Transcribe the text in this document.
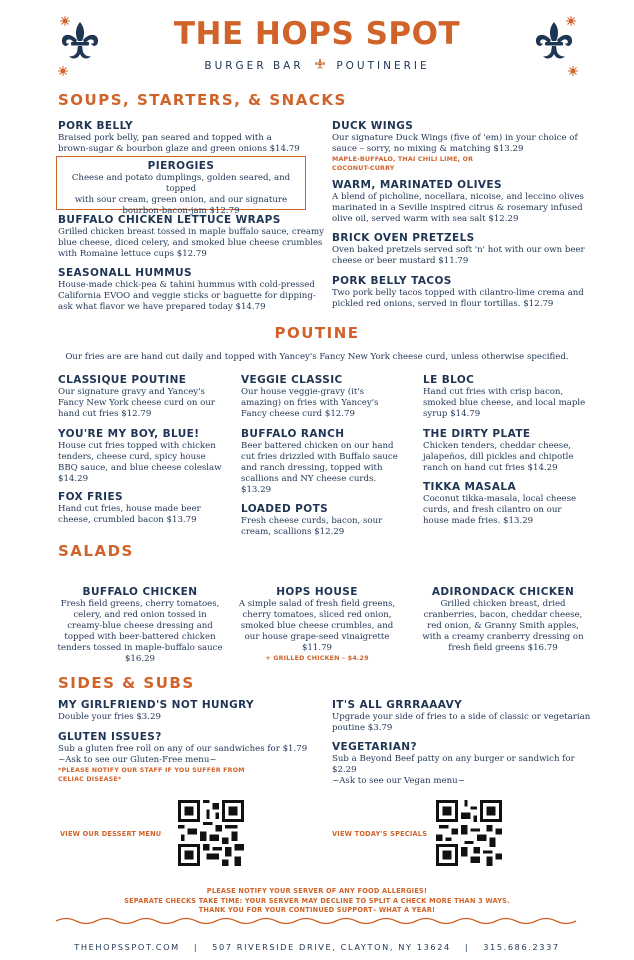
THE HOPS SPOT
BURGER BAR	POUTINERIE
SOUPS, STARTERS, & SNACKS
PORK BELLY
Braised pork belly, pan seared and topped with a
brown-sugar & bourbon glaze and green onions $14.79
PIEROGIES
Cheese and potato dumplings, golden seared, and topped
with sour cream, green onion, and our signature
bourbon-bacon-jam $12.79
BUFFALO CHICKEN LETTUCE WRAPS
Grilled chicken breast tossed in maple buffalo sauce, creamy
blue cheese, diced celery, and smoked blue cheese crumbles
with Romaine lettuce cups $12.79
SEASONALL HUMMUS
House-made chick-pea & tahini hummus with cold-pressed
California EVOO and veggie sticks or baguette for dipping-
ask what flavor we have prepared today $14.79
DUCK WINGS
Our signature Duck Wings (five of 'em) in your choice of
sauce – sorry, no mixing & matching $13.29
MAPLE-BUFFALO, THAI CHILI LIME, OR
COCONUT-CURRY
WARM, MARINATED OLIVES
A blend of picholine, nocellara, nicoise, and leccino olives
marinated in a Seville inspired citrus & rosemary infused
olive oil, served warm with sea salt $12.29
BRICK OVEN PRETZELS
Oven baked pretzels served soft 'n' hot with our own beer
cheese or beer mustard $11.79
PORK BELLY TACOS
Two pork belly tacos topped with cilantro-lime crema and
pickled red onions, served in flour tortillas. $12.79
POUTINE
Our fries are are hand cut daily and topped with Yancey's Fancy New York cheese curd, unless otherwise specified.
CLASSIQUE POUTINE
Our signature gravy and Yancey's
Fancy New York cheese curd on our
hand cut fries $12.79
YOU'RE MY BOY, BLUE!
House cut fries topped with chicken
tenders, cheese curd, spicy house
BBQ sauce, and blue cheese coleslaw
$14.29
FOX FRIES
Hand cut fries, house made beer
cheese, crumbled bacon $13.79
VEGGIE CLASSIC
Our house veggie-gravy (it's
amazing) on fries with Yancey's
Fancy cheese curd $12.79
BUFFALO RANCH
Beer battered chicken on our hand
cut fries drizzled with Buffalo sauce
and ranch dressing, topped with
scallions and NY cheese curds.
$13.29
LOADED POTS
Fresh cheese curds, bacon, sour
cream, scallions $12.29
LE BLOC
Hand cut fries with crisp bacon,
smoked blue cheese, and local maple
syrup $14.79
THE DIRTY PLATE
Chicken tenders, cheddar cheese,
jalapeños, dill pickles and chipotle
ranch on hand cut fries $14.29
TIKKA MASALA
Coconut tikka-masala, local cheese
curds, and fresh cilantro on our
house made fries. $13.29
SALADS
BUFFALO CHICKEN
Fresh field greens, cherry tomatoes,
celery, and red onion tossed in
creamy-blue cheese dressing and
topped with beer-battered chicken
tenders tossed in maple-buffalo sauce
$16.29
HOPS HOUSE
A simple salad of fresh field greens,
cherry tomatoes, sliced red onion,
smoked blue cheese crumbles, and
our house grape-seed vinaigrette
$11.79
+ GRILLED CHICKEN – $4.29
ADIRONDACK CHICKEN
Grilled chicken breast, dried
cranberries, bacon, cheddar cheese,
red onion, & Granny Smith apples,
with a creamy cranberry dressing on
fresh field greens $16.79
SIDES & SUBS
MY GIRLFRIEND'S NOT HUNGRY
Double your fries $3.29
GLUTEN ISSUES?
Sub a gluten free roll on any of our sandwiches for $1.79
~Ask to see our Gluten-Free menu~
*PLEASE NOTIFY OUR STAFF IF YOU SUFFER FROM
CELIAC DISEASE*
IT'S ALL GRRRAAAVY
Upgrade your side of fries to a side of classic or vegetarian
poutine $3.79
VEGETARIAN?
Sub a Beyond Beef patty on any burger or sandwich for $2.29
~Ask to see our Vegan menu~
VIEW OUR DESSERT MENU	VIEW TODAY'S SPECIALS
PLEASE NOTIFY YOUR SERVER OF ANY FOOD ALLERGIES!
SEPARATE CHECKS TAKE TIME: YOUR SERVER MAY DECLINE TO SPLIT A CHECK MORE THAN 3 WAYS.
THANK YOU FOR YOUR CONTINUED SUPPORT– WHAT A YEAR!
THEHOPSSPOT.COM | 507 RIVERSIDE DRIVE, CLAYTON, NY 13624 | 315.686.2337
